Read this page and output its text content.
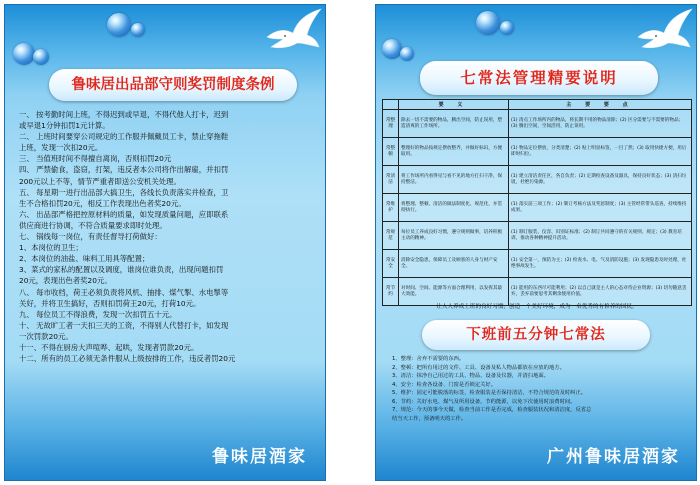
鲁味居出品部守则奖罚制度条例
一、 按考勤时间上班，不得迟到或早退，不得代他人打卡，迟到
或早退1分钟扣罚1元计算。
二、 上班时间要穿公司规定的工作服并佩戴员工卡，禁止穿拖鞋
上班，发现一次扣20元。
三、 当值班时间不得擅自离岗，否则扣罚20元
四、 严禁偷食，盗窃，打架，违反者本公司将作出解雇，并扣罚
200元以上不等，情节严重者即送公安机关处理。
五、 每星期一进行出品部大搞卫生，各线长负责落实并检查，卫
生不合格扣罚20元，相反工作表现出色者奖20元。
六、 出品部严格把控原材料的质量，如发现质量问题，应即联系
供应商进行协调，不符合质量要求即时处理。
七、 锅线每一岗位，有责任督导打荷做好：
1、本岗位的卫生；
2、本岗位的油盐、味料工用具等配置；
3、菜式的家私的配置以及调度，谁岗位谁负责，出现问题扣罚
20元，表现出色者奖20元。
八、 每市收档，荷王必须负责将风机、抽排、煤气掣、水电掣等
关好，并将卫生搞好，否则扣罚荷王20元，打荷10元。
九、 每位员工不得浪费，发现一次扣罚五十元。
十、 无故旷工者一天扣三天的工资，不得别人代替打卡，如发现
一次罚款20元。
十一、不得在厨房大声喧哗、起哄，发现者罚款20元。
十二、所有的员工必须无条件服从上级按排的工作，违反者罚20元
鲁味居酒家
七常法管理精要说明
	要 义	主 要 要 点
常整理	除去一切不需要的物品，腾出空间，防止误用，塑造清爽的工作场所。	(1) 清点工作场所内的物品，将长期不用的物品清除；(2) 区分需要与不需要的物品；(3) 腾出空间，空间活用，防止误用。
常整顿	整理好的物品按规定摆放整齐，并做好标识，方便取用。	(1) 物品定位摆放，分类清楚；(2) 贴上明显标签，一目了然；(3) 取用快捷方便，用后即时归位。
常清洁	将工作场所内看得见与看不见的地方打扫干净，保持整洁。	(1) 建立清洁责任区，各自负责；(2) 定期检查设备及器具，保持良好状态；(3) 清扫垃圾，杜绝污染源。
常维护	将整理、整顿、清洁的做法制度化、规范化，并贯彻执行。	(1) 落实前三项工作；(2) 制订考核方法及奖惩制度；(3) 主管经常带头巡查，持续维持成果。
常规范	每位员工养成良好习惯，遵守规则做事，培养积极主动的精神。	(1) 制订服装、仪容、识别证标准；(2) 制订共同遵守的有关规则、规定；(3) 教育培训，推动各种精神提升活动。
常安全	消除安全隐患，保障员工及顾客的人身与财产安全。	(1) 安全第一，预防为主；(2) 检查水、电、气及消防设施；(3) 发现隐患及时处理，杜绝事故发生。
常节约	对时间、空间、能源等方面合理利用，以发挥其最大效能。	(1) 能用的东西尽可能利用；(2) 以自己就是主人的心态对待企业资源；(3) 切勿随意丢弃，丢弃前要思考其剩余使用价值。
让人人养成上班的良好习惯，创造一个美好环境，成为一名优秀的有修养的国民。
下班前五分钟七常法
1、整理：舍弃不需要的东西。
2、整顿：把所有用过的文件、工具、设备及私人物品都放在应放的地方。
3、清洁：抹净自己用过的工具、物品、设备及仪器，并清扫地面。
4、安全：检查各设备、门窗是否锁定关好。
5、维护：固定可能脱落的标签，检查服装是否保持清洁，不符合规范的及时纠正。
6、节约：关好水电、煤气及所用设备，节约能源，以免下次使用时浪费时间。
7、规范：今天的事今天做，检查当前工作是否完成，检查服装状况和清洁度，反省总
结当天工作，预备明天的工作。
广州鲁味居酒家
